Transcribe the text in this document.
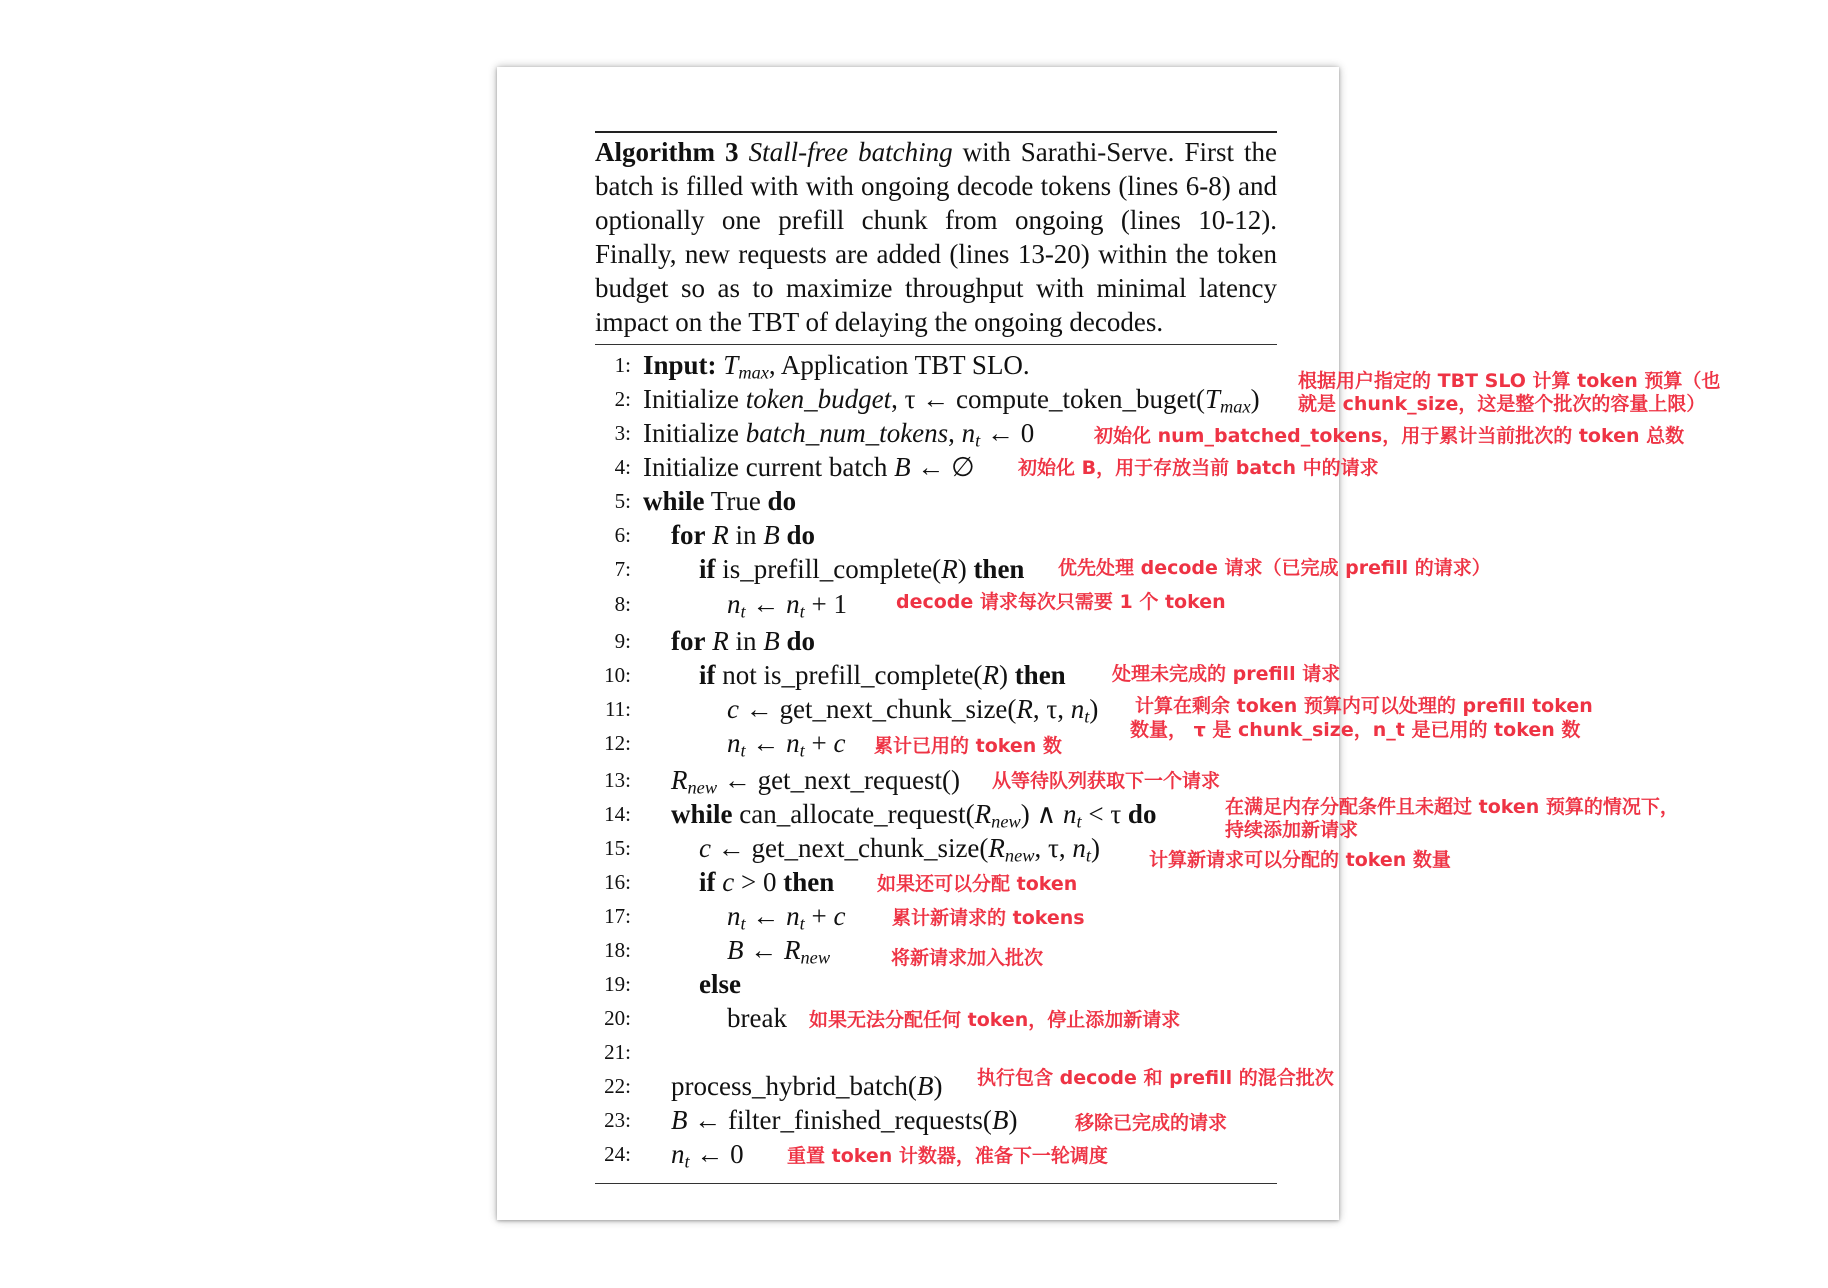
Algorithm 3 Stall-free batching with Sarathi-Serve. First the batch is filled with with ongoing decode tokens (lines 6-8) and optionally one prefill chunk from ongoing (lines 10-12). Finally, new requests are added (lines 13-20) within the token budget so as to maximize throughput with minimal latency impact on the TBT of delaying the ongoing decodes.
1: Input: $T_{max}$, Application TBT SLO.
2: Initialize token_budget, τ ← $compute\_token\_buget(T_{max})$
3: Initialize batch_num_tokens, $n_t$ ← 0
4: Initialize current batch B ← ∅
5: while True do
6: for R in B do
7:	if is_prefill_complete(R) then
8:	$n_t$ ← $n_t + 1$
9: for R in B do
10:	if not is_prefill_complete(R) then
11:	c ← get_next_chunk_size(R, τ, $n_t$)
12:	$n_t$ ← $n_t + c$
13: $R_{new}$ ← get_next_request()
14: while $can\_allocate\_request(R_{new})$ ∧ $n_t < \tau$ do
15:	c ← $get\_next\_chunk\_size(R_{new}$, τ, $n_t$)
16:	if c > 0 then
17:	$n_t$ ← $n_t + c$
18:	B ← $R_{new}$
19:	else
20:	break
21:
22: process_hybrid_batch(B)
23: B ← filter_finished_requests(B)
24: $n_t$ ← 0
根据用户指定的 TBT SLO 计算 token 预算（也
就是 chunk_size，这是整个批次的容量上限）
初始化 num_batched_tokens，用于累计当前批次的 token 总数
初始化 B，用于存放当前 batch 中的请求
优先处理 decode 请求（已完成 prefill 的请求）
decode 请求每次只需要 1 个 token
处理未完成的 prefill 请求
计算在剩余 token 预算内可以处理的 prefill token
数量， τ 是 chunk_size，n_t 是已用的 token 数
累计已用的 token 数
从等待队列获取下一个请求
在满足内存分配条件且未超过 token 预算的情况下，
持续添加新请求
计算新请求可以分配的 token 数量
如果还可以分配 token
累计新请求的 tokens
将新请求加入批次
如果无法分配任何 token，停止添加新请求
执行包含 decode 和 prefill 的混合批次
移除已完成的请求
重置 token 计数器，准备下一轮调度
